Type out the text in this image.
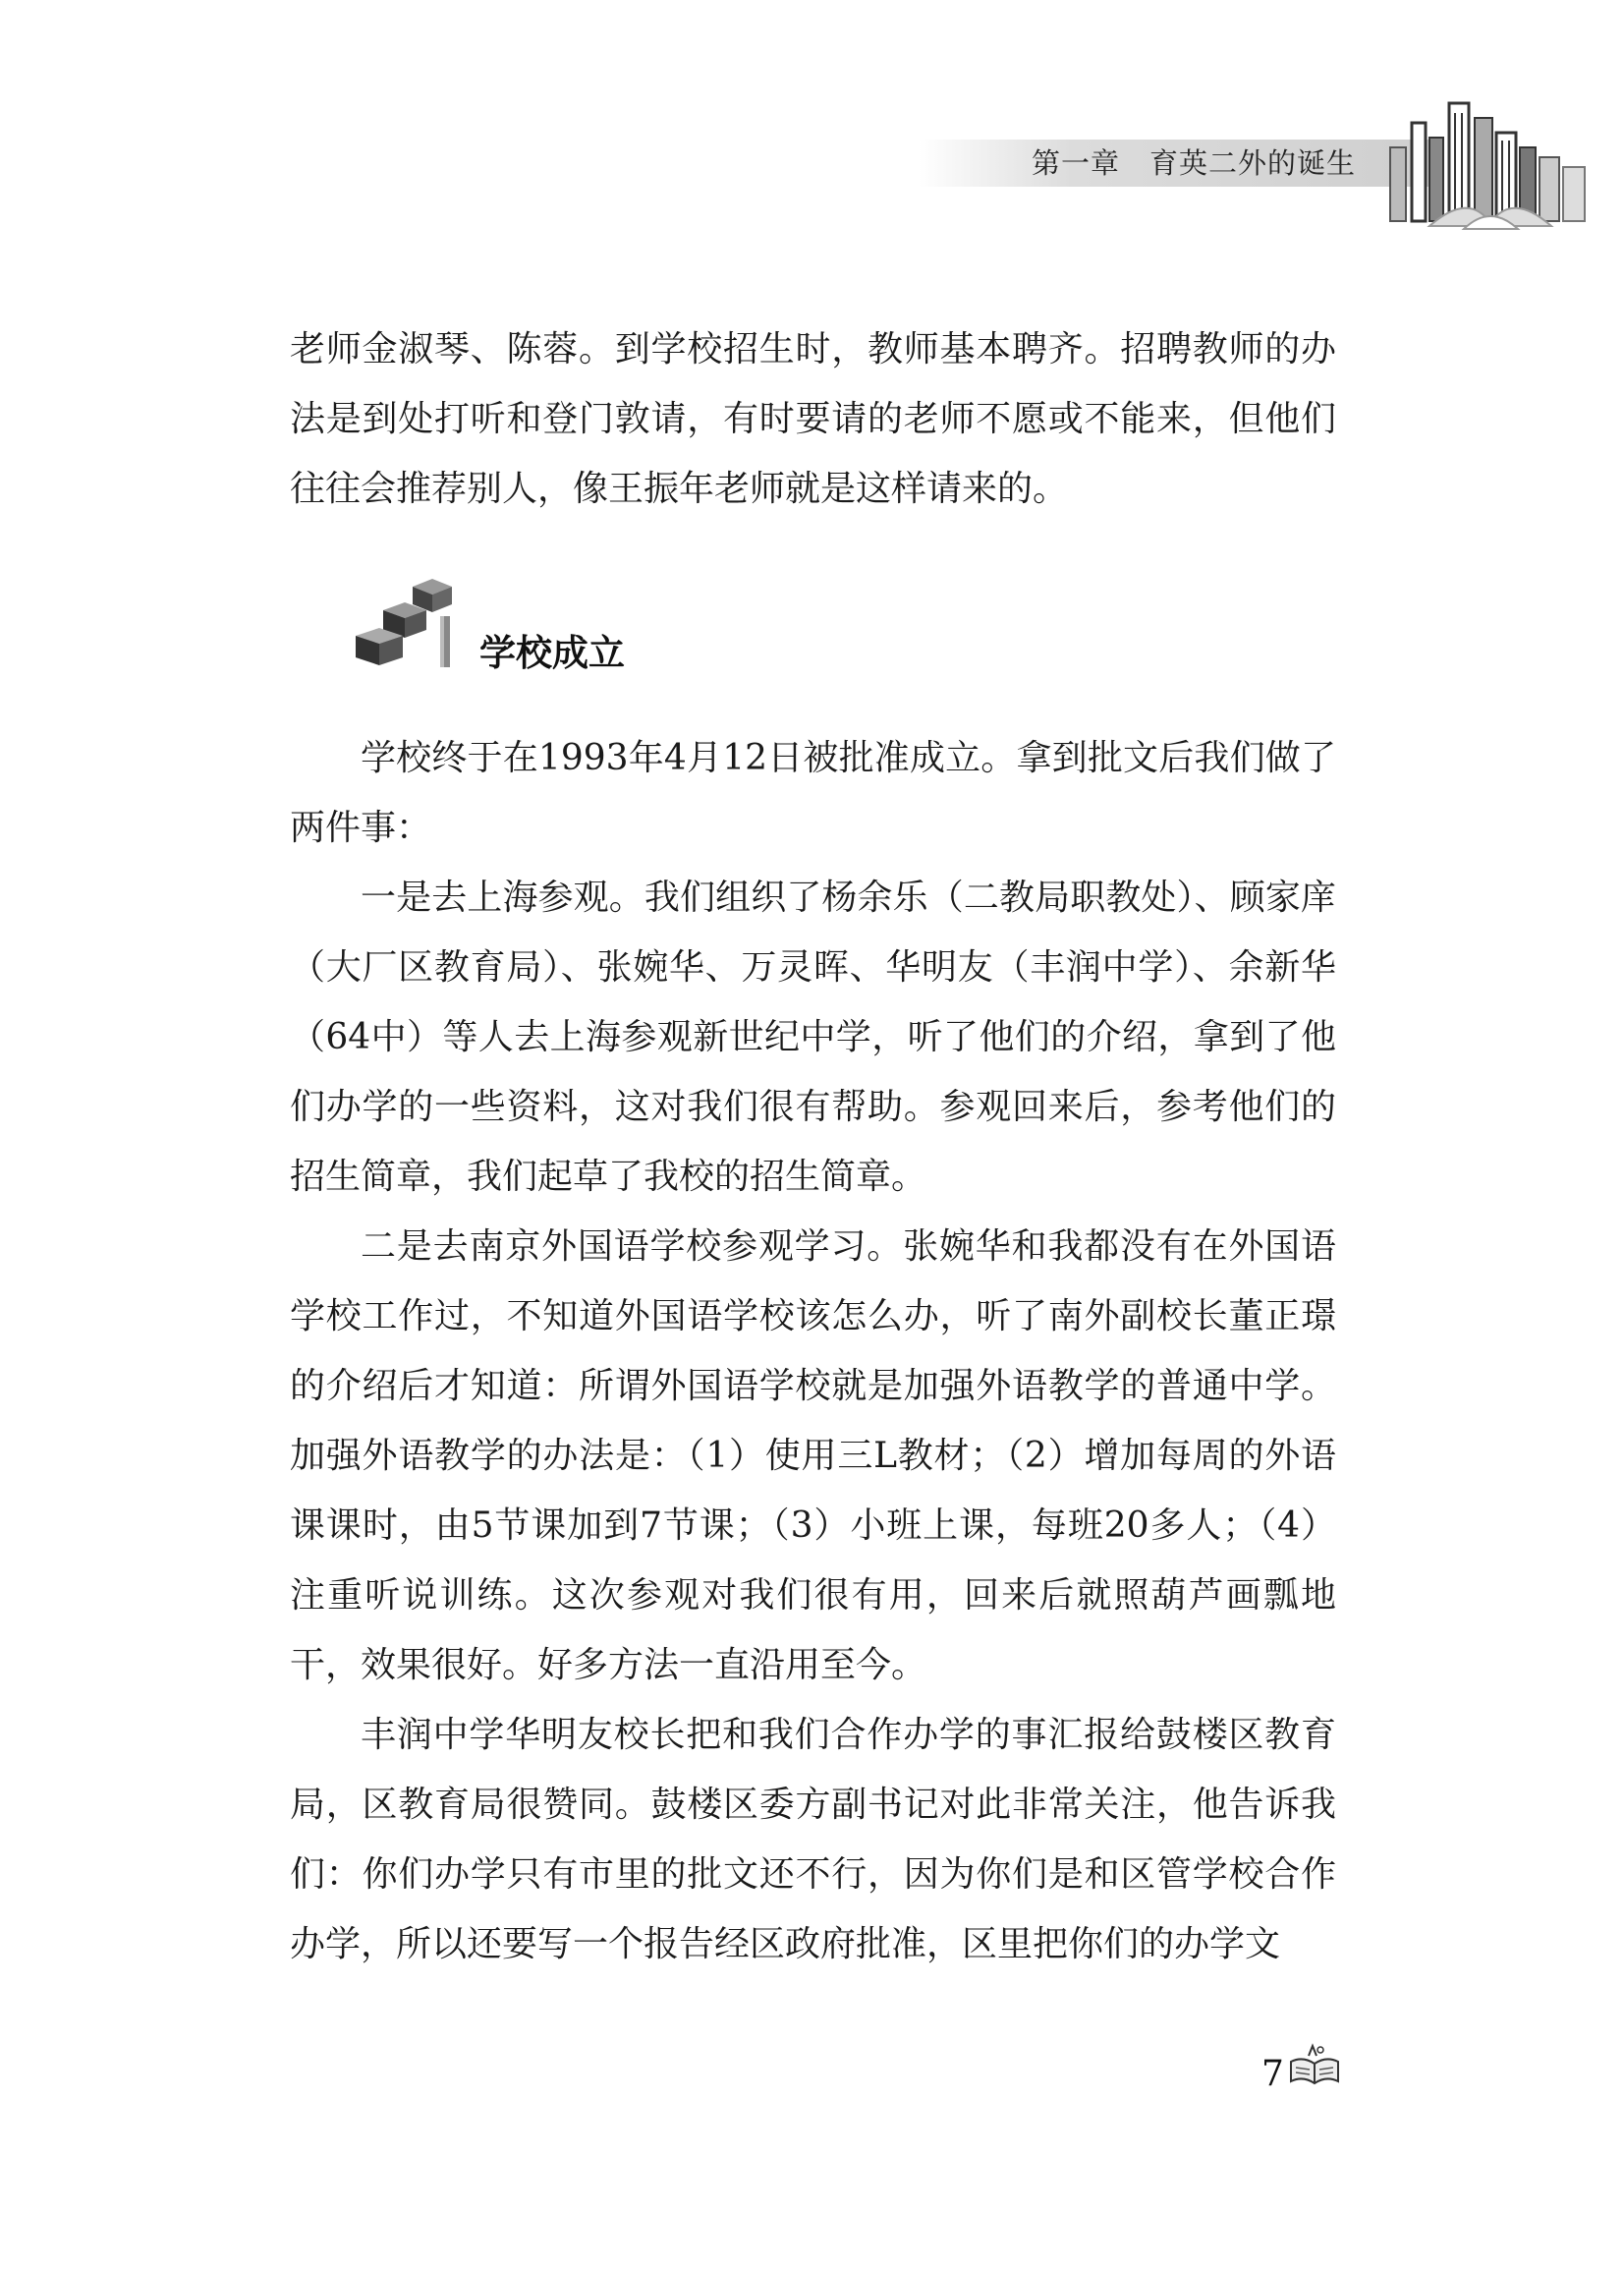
第一章　育英二外的诞生

老师金淑琴、陈蓉。到学校招生时，教师基本聘齐。招聘教师的办法是到处打听和登门敦请，有时要请的老师不愿或不能来，但他们往往会推荐别人，像王振年老师就是这样请来的。

学校成立

学校终于在1993年4月12日被批准成立。拿到批文后我们做了两件事：

一是去上海参观。我们组织了杨余乐（二教局职教处）、顾家庠（大厂区教育局）、张婉华、万灵晖、华明友（丰润中学）、余新华（64中）等人去上海参观新世纪中学，听了他们的介绍，拿到了他们办学的一些资料，这对我们很有帮助。参观回来后，参考他们的招生简章，我们起草了我校的招生简章。

二是去南京外国语学校参观学习。张婉华和我都没有在外国语学校工作过，不知道外国语学校该怎么办，听了南外副校长董正璟的介绍后才知道：所谓外国语学校就是加强外语教学的普通中学。加强外语教学的办法是：（1）使用三L教材；（2）增加每周的外语课课时，由5节课加到7节课；（3）小班上课，每班20多人；（4）注重听说训练。这次参观对我们很有用，回来后就照葫芦画瓢地干，效果很好。好多方法一直沿用至今。

丰润中学华明友校长把和我们合作办学的事汇报给鼓楼区教育局，区教育局很赞同。鼓楼区委方副书记对此非常关注，他告诉我们：你们办学只有市里的批文还不行，因为你们是和区管学校合作办学，所以还要写一个报告经区政府批准，区里把你们的办学文

7
